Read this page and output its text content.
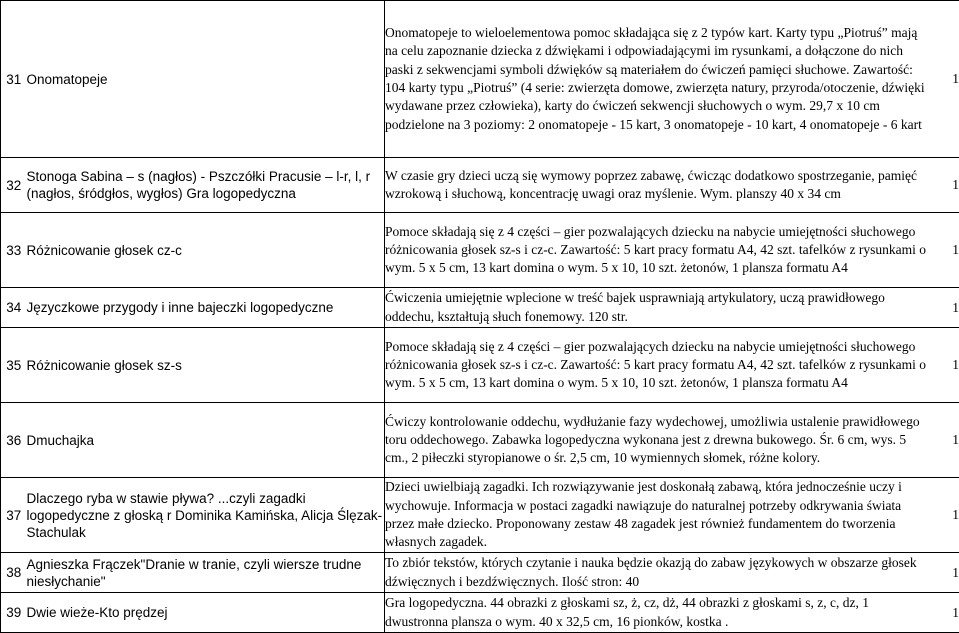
31	Onomatopeje	Onomatopeje to wieloelementowa pomoc składająca się z 2 typów kart. Karty typu „Piotruś” mają na celu zapoznanie dziecka z dźwiękami i odpowiadającymi im rysunkami, a dołączone do nich paski z sekwencjami symboli dźwięków są materiałem do ćwiczeń pamięci słuchowe. Zawartość: 104 karty typu „Piotruś” (4 serie: zwierzęta domowe, zwierzęta natury, przyroda/otoczenie, dźwięki wydawane przez człowieka), karty do ćwiczeń sekwencji słuchowych o wym. 29,7 x 10 cm podzielone na 3 poziomy: 2 onomatopeje - 15 kart, 3 onomatopeje - 10 kart, 4 onomatopeje - 6 kart	1
32	Stonoga Sabina – s (nagłos) - Pszczółki Pracusie – l-r, l, r (nagłos, śródgłos, wygłos) Gra logopedyczna	W czasie gry dzieci uczą się wymowy poprzez zabawę, ćwicząc dodatkowo spostrzeganie, pamięć wzrokową i słuchową, koncentrację uwagi oraz myślenie. Wym. planszy 40 x 34 cm	1
33	Różnicowanie głosek cz-c	Pomoce składają się z 4 części – gier pozwalających dziecku na nabycie umiejętności słuchowego różnicowania głosek sz-s i cz-c. Zawartość: 5 kart pracy formatu A4, 42 szt. tafelków z rysunkami o wym. 5 x 5 cm, 13 kart domina o wym. 5 x 10, 10 szt. żetonów, 1 plansza formatu A4	1
34	Języczkowe przygody i inne bajeczki logopedyczne	Ćwiczenia umiejętnie wplecione w treść bajek usprawniają artykulatory, uczą prawidłowego oddechu, kształtują słuch fonemowy. 120 str.	1
35	Różnicowanie głosek sz-s	Pomoce składają się z 4 części – gier pozwalających dziecku na nabycie umiejętności słuchowego różnicowania głosek sz-s i cz-c. Zawartość: 5 kart pracy formatu A4, 42 szt. tafelków z rysunkami o wym. 5 x 5 cm, 13 kart domina o wym. 5 x 10, 10 szt. żetonów, 1 plansza formatu A4	1
36	Dmuchajka	Ćwiczy kontrolowanie oddechu, wydłużanie fazy wydechowej, umożliwia ustalenie prawidłowego toru oddechowego. Zabawka logopedyczna wykonana jest z drewna bukowego. Śr. 6 cm, wys. 5 cm., 2 piłeczki styropianowe o śr. 2,5 cm, 10 wymiennych słomek, różne kolory.	1
37	Dlaczego ryba w stawie pływa? ...czyli zagadki logopedyczne z głoską r Dominika Kamińska, Alicja Ślęzak-Stachulak	Dzieci uwielbiają zagadki. Ich rozwiązywanie jest doskonałą zabawą, która jednocześnie uczy i wychowuje. Informacja w postaci zagadki nawiązuje do naturalnej potrzeby odkrywania świata przez małe dziecko. Proponowany zestaw 48 zagadek jest również fundamentem do tworzenia własnych zagadek.	1
38	Agnieszka Frączek"Dranie w tranie, czyli wiersze trudne niesłychanie"	To zbiór tekstów, których czytanie i nauka będzie okazją do zabaw językowych w obszarze głosek dźwięcznych i bezdźwięcznych. Ilość stron: 40	1
39	Dwie wieże-Kto prędzej	Gra logopedyczna. 44 obrazki z głoskami sz, ż, cz, dż, 44 obrazki z głoskami s, z, c, dz, 1 dwustronna plansza o wym. 40 x 32,5 cm, 16 pionków, kostka .	1
